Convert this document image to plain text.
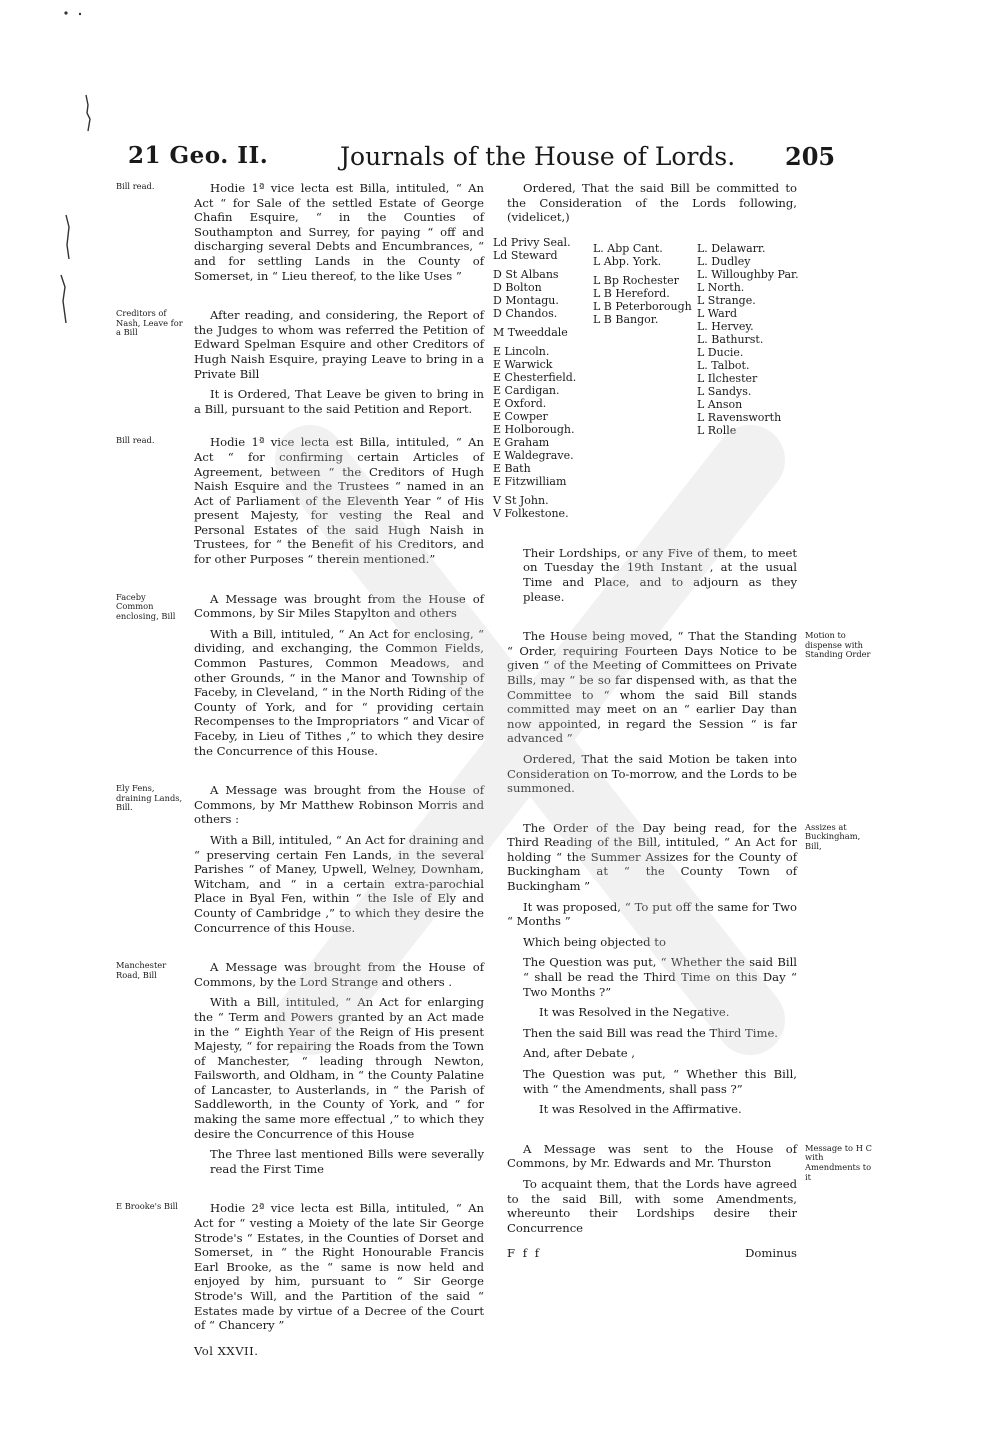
21 Geo. II.	Journals of the House of Lords. 205
Bill read.	Hodie 1ª vice lecta est Billa, intituled, “ An Act “ for Sale of the settled Estate of George Chafin Esquire, “ in the Counties of Southampton and Surrey, for paying “ off and discharging several Debts and Encumbrances, “ and for settling Lands in the County of Somerset, in “ Lieu thereof, to the like Uses ”

Creditors of Nash, Leave for a Bill

After reading, and considering, the Report of the Judges to whom was referred the Petition of Edward Spelman Esquire and other Creditors of Hugh Naish Esquire, praying Leave to bring in a Private Bill

It is Ordered, That Leave be given to bring in a Bill, pursuant to the said Petition and Report.

Bill read.	Hodie 1ª vice lecta est Billa, intituled, “ An Act “ for confirming certain Articles of Agreement, between “ the Creditors of Hugh Naish Esquire and the Trustees “ named in an Act of Parliament of the Eleventh Year “ of His present Majesty, for vesting the Real and Personal Estates of the said Hugh Naish in Trustees, for “ the Benefit of his Creditors, and for other Purposes “ therein mentioned.”

Faceby Common enclosing, Bill

A Message was brought from the House of Commons, by Sir Miles Stapylton and others

With a Bill, intituled, “ An Act for enclosing, “ dividing, and exchanging, the Common Fields, Common Pastures, Common Meadows, and other Grounds, “ in the Manor and Township of Faceby, in Cleveland, “ in the North Riding of the County of York, and for “ providing certain Recompenses to the Impropriators “ and Vicar of Faceby, in Lieu of Tithes ,” to which they desire the Concurrence of this House.

Ely Fens, draining Lands, Bill.

A Message was brought from the House of Commons, by Mr Matthew Robinson Morris and others :

With a Bill, intituled, “ An Act for draining and “ preserving certain Fen Lands, in the several Parishes “ of Maney, Upwell, Welney, Downham, Witcham, and “ in a certain extra-parochial Place in Byal Fen, within “ the Isle of Ely and County of Cambridge ,” to which they desire the Concurrence of this House.

Manchester Road, Bill

A Message was brought from the House of Commons, by the Lord Strange and others .

With a Bill, intituled, “ An Act for enlarging the “ Term and Powers granted by an Act made in the “ Eighth Year of the Reign of His present Majesty, “ for repairing the Roads from the Town of Manchester, “ leading through Newton, Failsworth, and Oldham, in “ the County Palatine of Lancaster, to Austerlands, in “ the Parish of Saddleworth, in the County of York, and “ for making the same more effectual ,” to which they desire the Concurrence of this House

The Three last mentioned Bills were severally read the First Time

E Brooke's Bill	Hodie 2ª vice lecta est Billa, intituled, “ An Act for “ vesting a Moiety of the late Sir George Strode's “ Estates, in the Counties of Dorset and Somerset, in “ the Right Honourable Francis Earl Brooke, as the “ same is now held and enjoyed by him, pursuant to “ Sir George Strode's Will, and the Partition of the said “ Estates made by virtue of a Decree of the Court of “ Chancery ”

Vol XXVII.

Ordered, That the said Bill be committed to the Consideration of the Lords following, (videlicet,)

Ld Privy Seal.
Ld Steward
D St Albans
D Bolton
D Montagu.
D Chandos.
M Tweeddale
E Lincoln.
E Warwick
E Chesterfield.
E Cardigan.
E Oxford.
E Cowper
E Holborough.
E Graham
E Waldegrave.
E Bath
E Fitzwilliam
V St John.
V Folkestone.
L. Abp Cant.
L Abp. York.
L Bp Rochester
L B Hereford.
L B Peterborough
L B Bangor.
L. Delawarr.
L. Dudley
L. Willoughby Par.
L North.
L Strange.
L Ward
L. Hervey.
L. Bathurst.
L Ducie.
L. Talbot.
L Ilchester
L Sandys.
L Anson
L Ravensworth
L Rolle

Their Lordships, or any Five of them, to meet on Tuesday the 19th Instant , at the usual Time and Place, and to adjourn as they please.

Motion to dispense with Standing Order

The House being moved, “ That the Standing “ Order, requiring Fourteen Days Notice to be given “ of the Meeting of Committees on Private Bills, may “ be so far dispensed with, as that the Committee to “ whom the said Bill stands committed may meet on an “ earlier Day than now appointed, in regard the Session “ is far advanced ”

Ordered, That the said Motion be taken into Consideration on To-morrow, and the Lords to be summoned.

Assizes at Buckingham, Bill,

The Order of the Day being read, for the Third Reading of the Bill, intituled, “ An Act for holding “ the Summer Assizes for the County of Buckingham at “ the County Town of Buckingham ”

It was proposed, “ To put off the same for Two “ Months ”

Which being objected to

The Question was put, “ Whether the said Bill “ shall be read the Third Time on this Day “ Two Months ?”

It was Resolved in the Negative.

Then the said Bill was read the Third Time.

And, after Debate ,

The Question was put, “ Whether this Bill, with “ the Amendments, shall pass ?”

It was Resolved in the Affirmative.

Message to H C with Amendments to it

A Message was sent to the House of Commons, by Mr. Edwards and Mr. Thurston

To acquaint them, that the Lords have agreed to the said Bill, with some Amendments, whereunto their Lordships desire their Concurrence

F f f	Dominus
